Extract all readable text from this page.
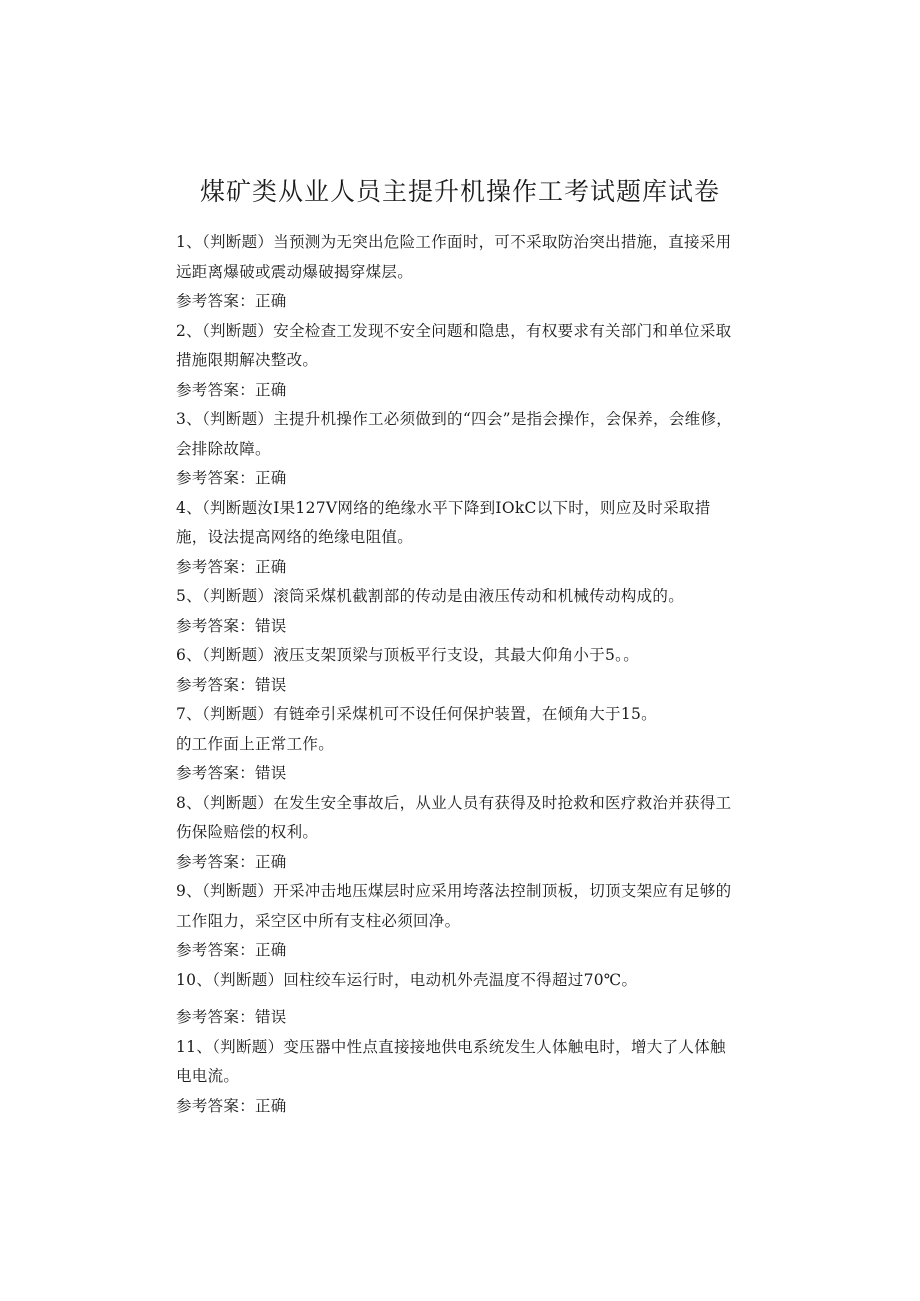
煤矿类从业人员主提升机操作工考试题库试卷

1、（判断题）当预测为无突出危险工作面时，可不采取防治突出措施，直接采用远距离爆破或震动爆破揭穿煤层。

参考答案：正确

2、（判断题）安全检查工发现不安全问题和隐患，有权要求有关部门和单位采取措施限期解决整改。

参考答案：正确

3、（判断题）主提升机操作工必须做到的“四会”是指会操作，会保养，会维修，会排除故障。

参考答案：正确

4、（判断题汝I果127V网络的绝缘水平下降到IOkC以下时，则应及时采取措施，设法提高网络的绝缘电阻值。

参考答案：正确

5、（判断题）滚筒采煤机截割部的传动是由液压传动和机械传动构成的。

参考答案：错误

6、（判断题）液压支架顶梁与顶板平行支设，其最大仰角小于5。。

参考答案：错误

7、（判断题）有链牵引采煤机可不设任何保护装置，在倾角大于15。

的工作面上正常工作。

参考答案：错误

8、（判断题）在发生安全事故后，从业人员有获得及时抢救和医疗救治并获得工伤保险赔偿的权利。

参考答案：正确

9、（判断题）开采冲击地压煤层时应采用垮落法控制顶板，切顶支架应有足够的工作阻力，采空区中所有支柱必须回净。

参考答案：正确

10、（判断题）回柱绞车运行时，电动机外壳温度不得超过70℃。

参考答案：错误

11、（判断题）变压器中性点直接接地供电系统发生人体触电时，增大了人体触电电流。

参考答案：正确
